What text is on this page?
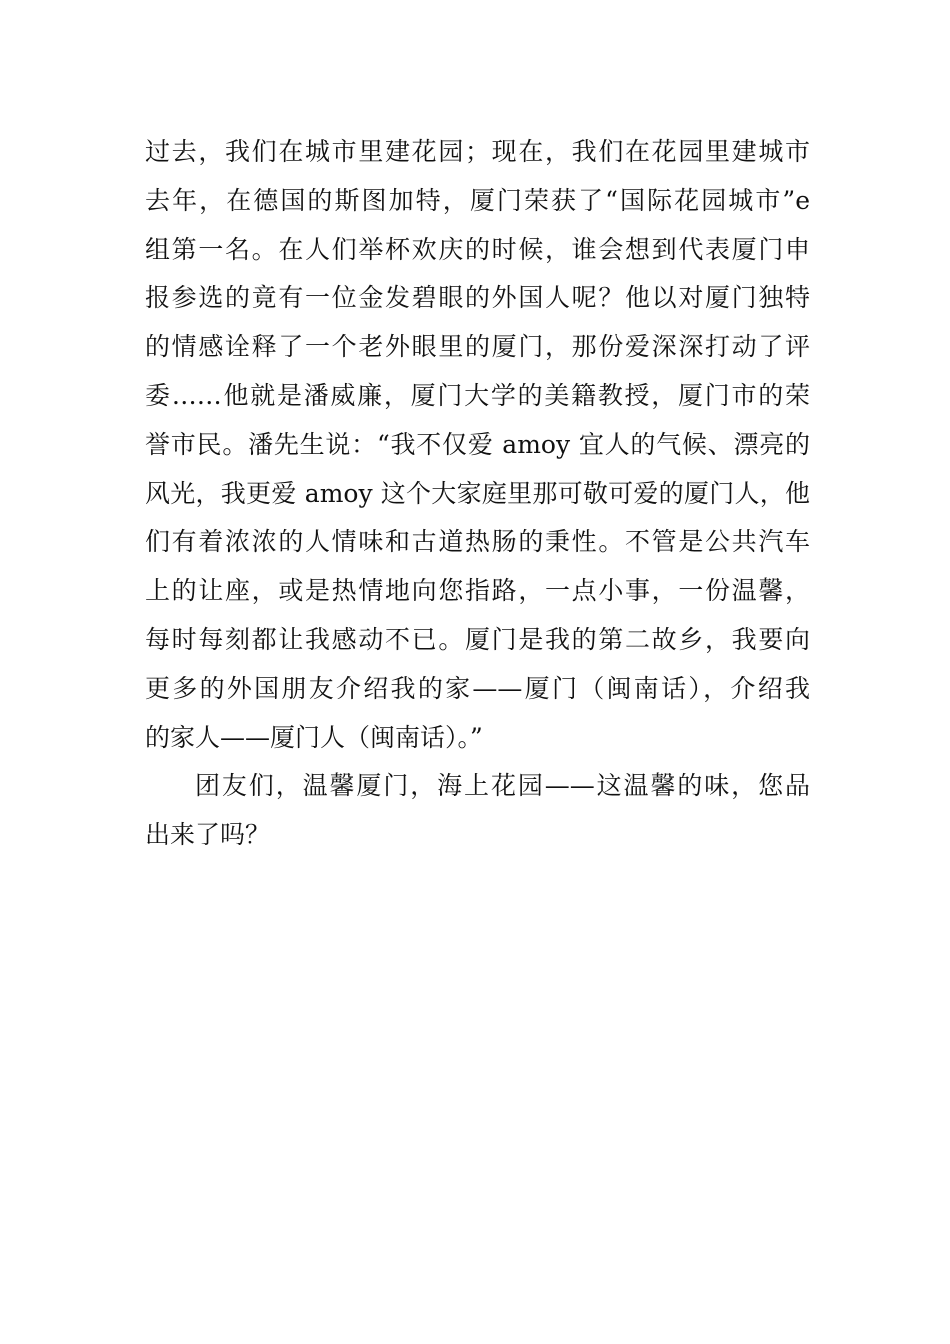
过去，我们在城市里建花园；现在，我们在花园里建城市
去年，在德国的斯图加特，厦门荣获了“国际花园城市”e
组第一名。在人们举杯欢庆的时候，谁会想到代表厦门申
报参选的竟有一位金发碧眼的外国人呢？他以对厦门独特
的情感诠释了一个老外眼里的厦门，那份爱深深打动了评
委……他就是潘威廉，厦门大学的美籍教授，厦门市的荣
誉市民。潘先生说：“我不仅爱 amoy 宜人的气候、漂亮的
风光，我更爱 amoy 这个大家庭里那可敬可爱的厦门人，他
们有着浓浓的人情味和古道热肠的秉性。不管是公共汽车
上的让座，或是热情地向您指路，一点小事，一份温馨，
每时每刻都让我感动不已。厦门是我的第二故乡，我要向
更多的外国朋友介绍我的家——厦门（闽南话），介绍我
的家人——厦门人（闽南话）。”
团友们，温馨厦门，海上花园——这温馨的味，您品
出来了吗？
